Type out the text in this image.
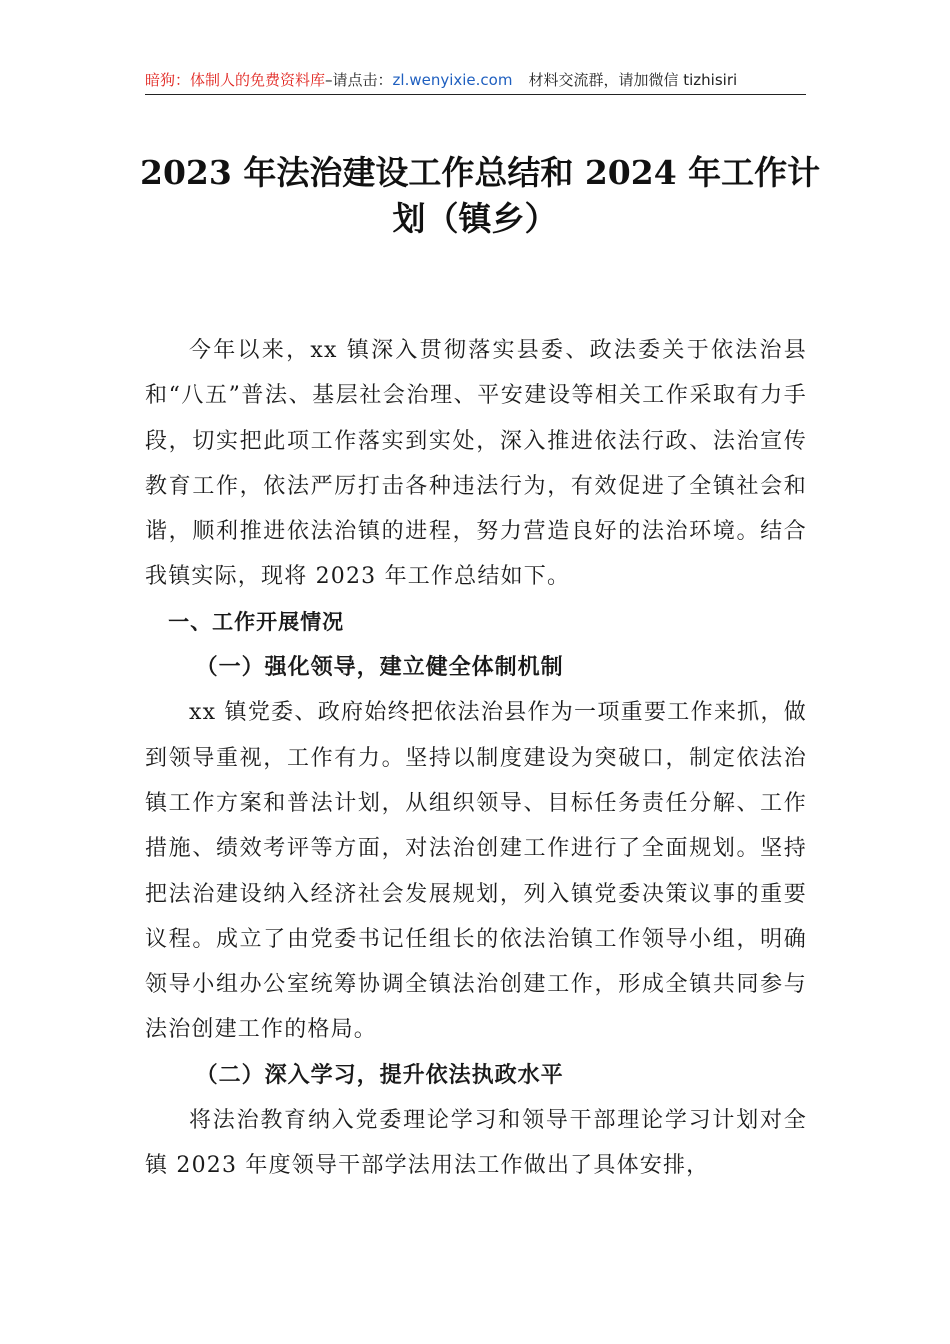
暗狗：体制人的免费资料库–请点击：zl.wenyixie.com 材料交流群，请加微信 tizhisiri
2023 年法治建设工作总结和 2024 年工作计
划（镇乡）

今年以来，xx 镇深入贯彻落实县委、政法委关于依法治县和“八五”普法、基层社会治理、平安建设等相关工作采取有力手段，切实把此项工作落实到实处，深入推进依法行政、法治宣传教育工作，依法严厉打击各种违法行为，有效促进了全镇社会和谐，顺利推进依法治镇的进程，努力营造良好的法治环境。结合我镇实际，现将 2023 年工作总结如下。

一、工作开展情况

（一）强化领导，建立健全体制机制

xx 镇党委、政府始终把依法治县作为一项重要工作来抓，做到领导重视，工作有力。坚持以制度建设为突破口，制定依法治镇工作方案和普法计划，从组织领导、目标任务责任分解、工作措施、绩效考评等方面，对法治创建工作进行了全面规划。坚持把法治建设纳入经济社会发展规划，列入镇党委决策议事的重要议程。成立了由党委书记任组长的依法治镇工作领导小组，明确领导小组办公室统筹协调全镇法治创建工作，形成全镇共同参与法治创建工作的格局。

（二）深入学习，提升依法执政水平

将法治教育纳入党委理论学习和领导干部理论学习计划对全镇 2023 年度领导干部学法用法工作做出了具体安排，
